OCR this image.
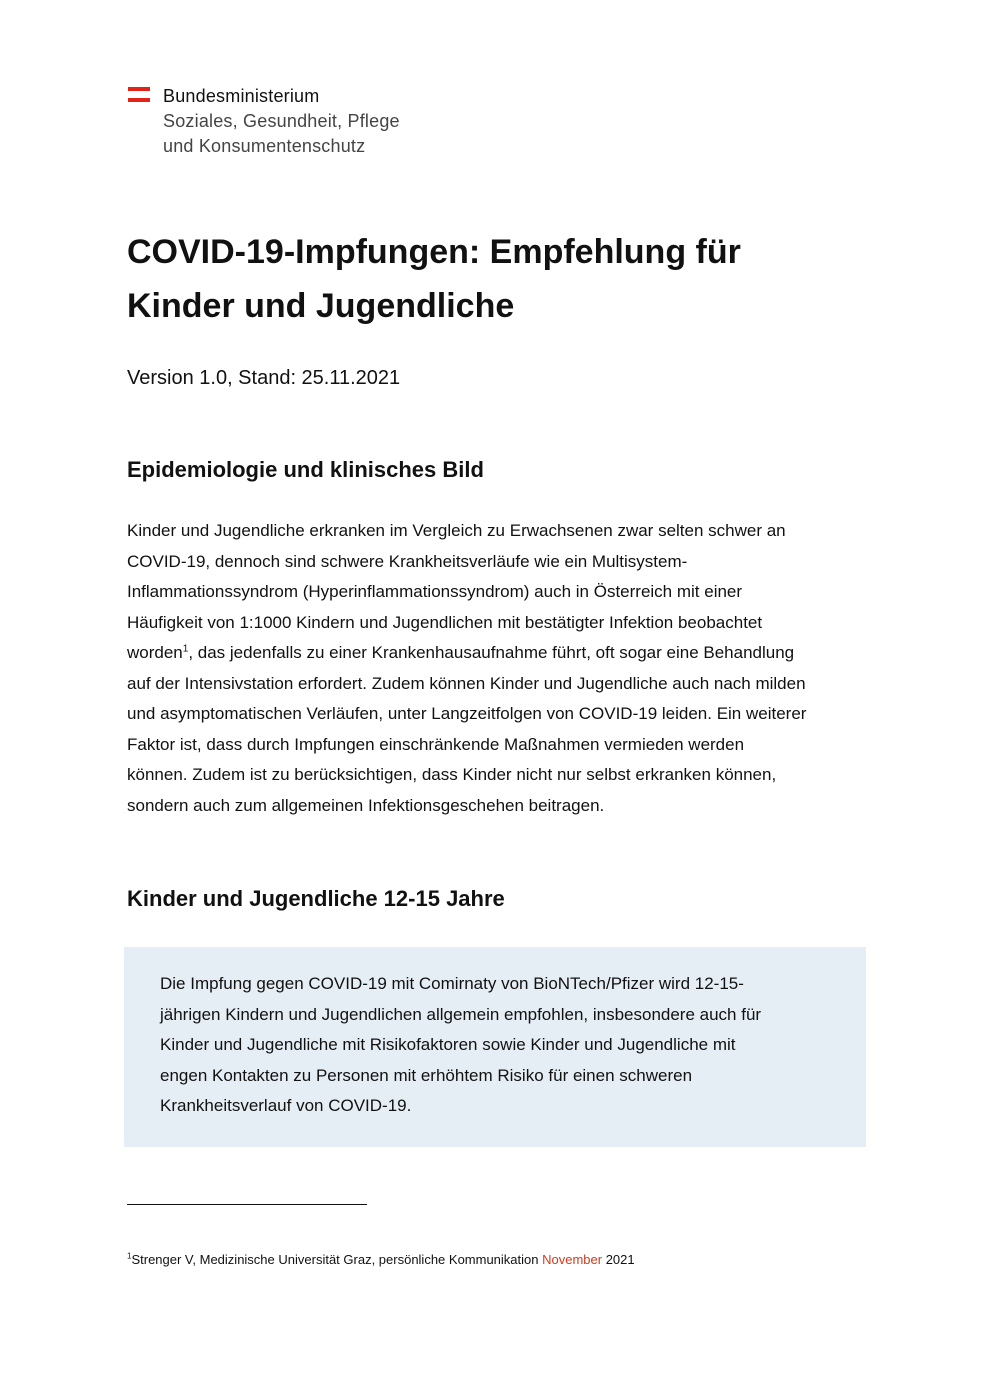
Bundesministerium
Soziales, Gesundheit, Pflege
und Konsumentenschutz
COVID-19-Impfungen: Empfehlung für
Kinder und Jugendliche

Version 1.0, Stand: 25.11.2021

Epidemiologie und klinisches Bild
Kinder und Jugendliche erkranken im Vergleich zu Erwachsenen zwar selten schwer an
COVID-19, dennoch sind schwere Krankheitsverläufe wie ein Multisystem-
Inflammationssyndrom (Hyperinflammationssyndrom) auch in Österreich mit einer
Häufigkeit von 1:1000 Kindern und Jugendlichen mit bestätigter Infektion beobachtet
worden$^1$, das jedenfalls zu einer Krankenhausaufnahme führt, oft sogar eine Behandlung
auf der Intensivstation erfordert. Zudem können Kinder und Jugendliche auch nach milden
und asymptomatischen Verläufen, unter Langzeitfolgen von COVID-19 leiden. Ein weiterer
Faktor ist, dass durch Impfungen einschränkende Maßnahmen vermieden werden
können. Zudem ist zu berücksichtigen, dass Kinder nicht nur selbst erkranken können,
sondern auch zum allgemeinen Infektionsgeschehen beitragen.
Kinder und Jugendliche 12-15 Jahre
Die Impfung gegen COVID-19 mit Comirnaty von BioNTech/Pfizer wird 12-15-
jährigen Kindern und Jugendlichen allgemein empfohlen, insbesondere auch für
Kinder und Jugendliche mit Risikofaktoren sowie Kinder und Jugendliche mit
engen Kontakten zu Personen mit erhöhtem Risiko für einen schweren
Krankheitsverlauf von COVID-19.
$^1$Strenger V, Medizinische Universität Graz, persönliche Kommunikation November 2021
